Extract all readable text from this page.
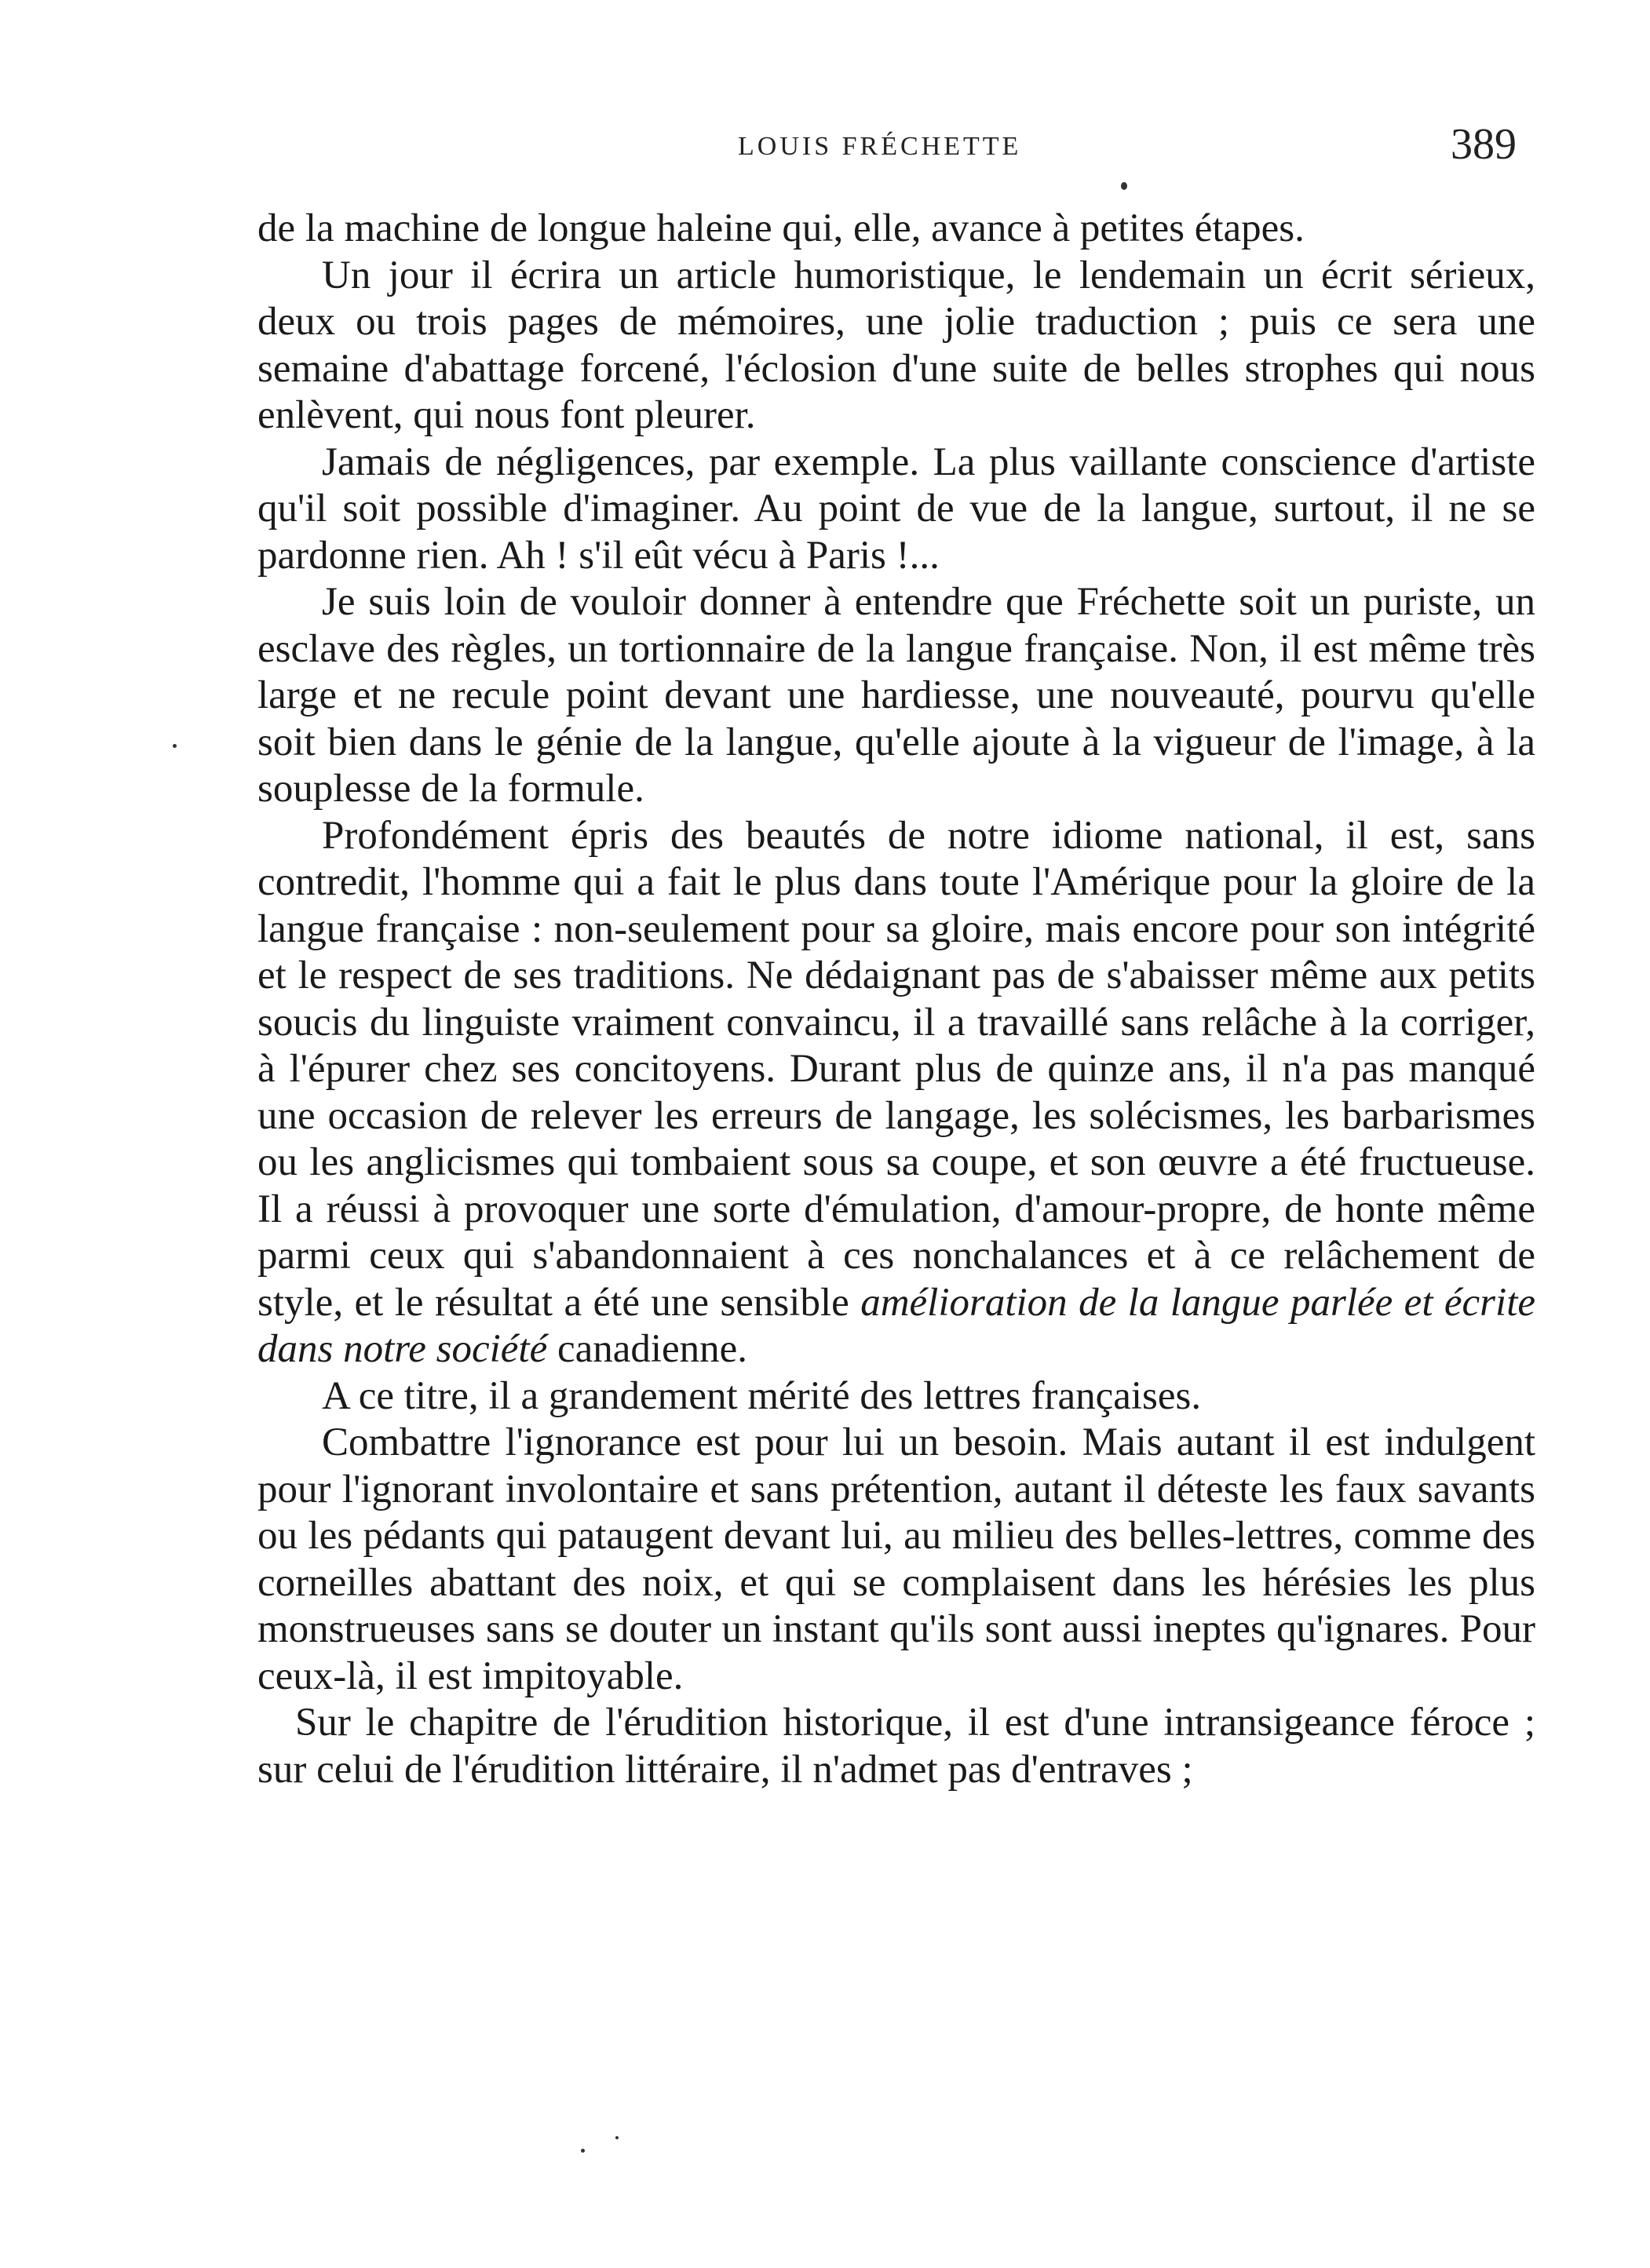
LOUIS FRÉCHETTE	389

de la machine de longue haleine qui, elle, avance à petites étapes.

Un jour il écrira un article humoristique, le lendemain un écrit sérieux, deux ou trois pages de mémoires, une jolie traduction ; puis ce sera une semaine d'abattage forcené, l'éclosion d'une suite de belles strophes qui nous enlèvent, qui nous font pleurer.

Jamais de négligences, par exemple. La plus vaillante conscience d'artiste qu'il soit possible d'imaginer. Au point de vue de la langue, surtout, il ne se pardonne rien. Ah ! s'il eût vécu à Paris !...

Je suis loin de vouloir donner à entendre que Fréchette soit un puriste, un esclave des règles, un tortionnaire de la langue française. Non, il est même très large et ne recule point devant une hardiesse, une nouveauté, pourvu qu'elle soit bien dans le génie de la langue, qu'elle ajoute à la vigueur de l'image, à la souplesse de la formule.

Profondément épris des beautés de notre idiome national, il est, sans contredit, l'homme qui a fait le plus dans toute l'Amérique pour la gloire de la langue française : non-seulement pour sa gloire, mais encore pour son intégrité et le respect de ses traditions. Ne dédaignant pas de s'abaisser même aux petits soucis du linguiste vraiment convaincu, il a travaillé sans relâche à la corriger, à l'épurer chez ses concitoyens. Durant plus de quinze ans, il n'a pas manqué une occasion de relever les erreurs de langage, les solécismes, les barbarismes ou les anglicismes qui tombaient sous sa coupe, et son œuvre a été fructueuse. Il a réussi à provoquer une sorte d'émulation, d'amour-propre, de honte même parmi ceux qui s'abandonnaient à ces nonchalances et à ce relâchement de style, et le résultat a été une sensible amélioration de la langue parlée et écrite dans notre société canadienne.

A ce titre, il a grandement mérité des lettres françaises.

Combattre l'ignorance est pour lui un besoin. Mais autant il est indulgent pour l'ignorant involontaire et sans prétention, autant il déteste les faux savants ou les pédants qui pataugent devant lui, au milieu des belles-lettres, comme des corneilles abattant des noix, et qui se complaisent dans les hérésies les plus monstrueuses sans se douter un instant qu'ils sont aussi ineptes qu'ignares. Pour ceux-là, il est impitoyable.

Sur le chapitre de l'érudition historique, il est d'une intransigeance féroce ; sur celui de l'érudition littéraire, il n'admet pas d'entraves ;
